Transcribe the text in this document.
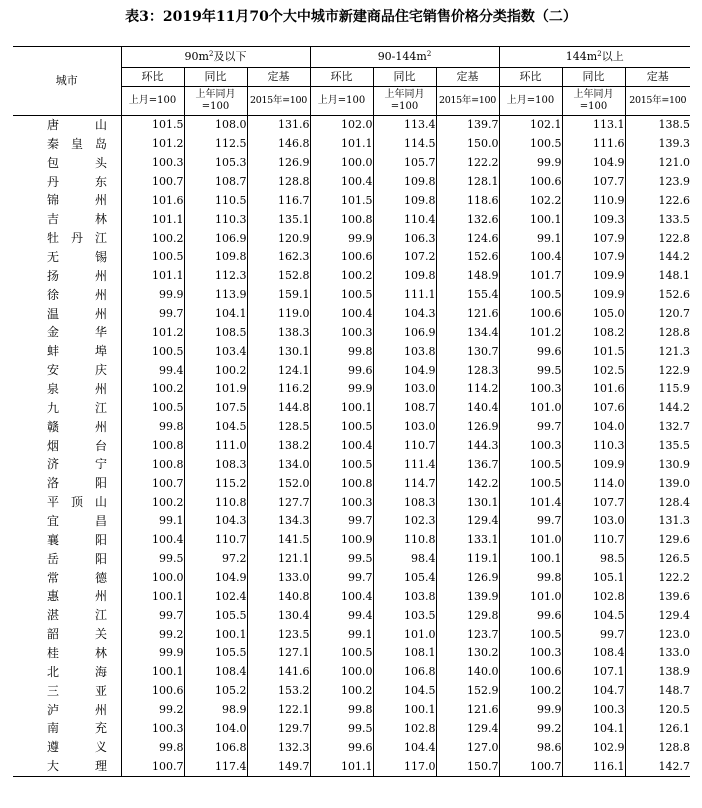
表3：2019年11月70个大中城市新建商品住宅销售价格分类指数（二）
城市	$90m^2$及以下			$90-144m^2$			$144m^2$以上		
	环比	同比	定基	环比	同比	定基	环比	同比	定基
	上月=100	上年同月=100	2015年=100	上月=100	上年同月=100	2015年=100	上月=100	上年同月=100	2015年=100
唐山	101.5	108.0	131.6	102.0	113.4	139.7	102.1	113.1	138.5
秦皇岛	101.2	112.5	146.8	101.1	114.5	150.0	100.5	111.6	139.3
包头	100.3	105.3	126.9	100.0	105.7	122.2	99.9	104.9	121.0
丹东	100.7	108.7	128.8	100.4	109.8	128.1	100.6	107.7	123.9
锦州	101.6	110.5	116.7	101.5	109.8	118.6	102.2	110.9	122.6
吉林	101.1	110.3	135.1	100.8	110.4	132.6	100.1	109.3	133.5
牡丹江	100.2	106.9	120.9	99.9	106.3	124.6	99.1	107.9	122.8
无锡	100.5	109.8	162.3	100.6	107.2	152.6	100.4	107.9	144.2
扬州	101.1	112.3	152.8	100.2	109.8	148.9	101.7	109.9	148.1
徐州	99.9	113.9	159.1	100.5	111.1	155.4	100.5	109.9	152.6
温州	99.7	104.1	119.0	100.4	104.3	121.6	100.6	105.0	120.7
金华	101.2	108.5	138.3	100.3	106.9	134.4	101.2	108.2	128.8
蚌埠	100.5	103.4	130.1	99.8	103.8	130.7	99.6	101.5	121.3
安庆	99.4	100.2	124.1	99.6	104.9	128.3	99.5	102.5	122.9
泉州	100.2	101.9	116.2	99.9	103.0	114.2	100.3	101.6	115.9
九江	100.5	107.5	144.8	100.1	108.7	140.4	101.0	107.6	144.2
赣州	99.8	104.5	128.5	100.5	103.0	126.9	99.7	104.0	132.7
烟台	100.8	111.0	138.2	100.4	110.7	144.3	100.3	110.3	135.5
济宁	100.8	108.3	134.0	100.5	111.4	136.7	100.5	109.9	130.9
洛阳	100.7	115.2	152.0	100.8	114.7	142.2	100.5	114.0	139.0
平顶山	100.2	110.8	127.7	100.3	108.3	130.1	101.4	107.7	128.4
宜昌	99.1	104.3	134.3	99.7	102.3	129.4	99.7	103.0	131.3
襄阳	100.4	110.7	141.5	100.9	110.8	133.1	101.0	110.7	129.6
岳阳	99.5	97.2	121.1	99.5	98.4	119.1	100.1	98.5	126.5
常德	100.0	104.9	133.0	99.7	105.4	126.9	99.8	105.1	122.2
惠州	100.1	102.4	140.8	100.4	103.8	139.9	101.0	102.8	139.6
湛江	99.7	105.5	130.4	99.4	103.5	129.8	99.6	104.5	129.4
韶关	99.2	100.1	123.5	99.1	101.0	123.7	100.5	99.7	123.0
桂林	99.9	105.5	127.1	100.5	108.1	130.2	100.3	108.4	133.0
北海	100.1	108.4	141.6	100.0	106.8	140.0	100.6	107.1	138.9
三亚	100.6	105.2	153.2	100.2	104.5	152.9	100.2	104.7	148.7
泸州	99.2	98.9	122.1	99.8	100.1	121.6	99.9	100.3	120.5
南充	100.3	104.0	129.7	99.5	102.8	129.4	99.2	104.1	126.1
遵义	99.8	106.8	132.3	99.6	104.4	127.0	98.6	102.9	128.8
大理	100.7	117.4	149.7	101.1	117.0	150.7	100.7	116.1	142.7
